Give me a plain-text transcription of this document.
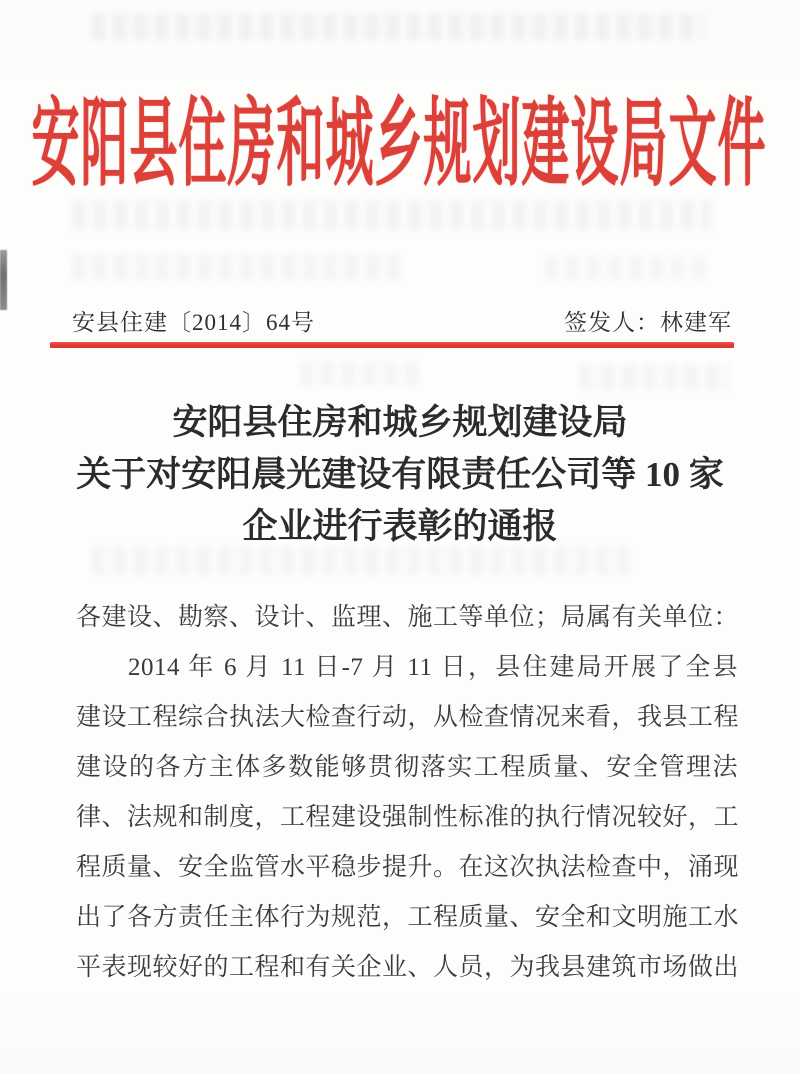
安阳县住房和城乡规划建设局文件
安县住建〔2014〕64号	签发人：林建军
安阳县住房和城乡规划建设局
关于对安阳晨光建设有限责任公司等 10 家
企业进行表彰的通报
各建设、勘察、设计、监理、施工等单位；局属有关单位：
2014 年 6 月 11 日-7 月 11 日，县住建局开展了全县
建设工程综合执法大检查行动，从检查情况来看，我县工程
建设的各方主体多数能够贯彻落实工程质量、安全管理法
律、法规和制度，工程建设强制性标准的执行情况较好，工
程质量、安全监管水平稳步提升。在这次执法检查中，涌现
出了各方责任主体行为规范，工程质量、安全和文明施工水
平表现较好的工程和有关企业、人员，为我县建筑市场做出
